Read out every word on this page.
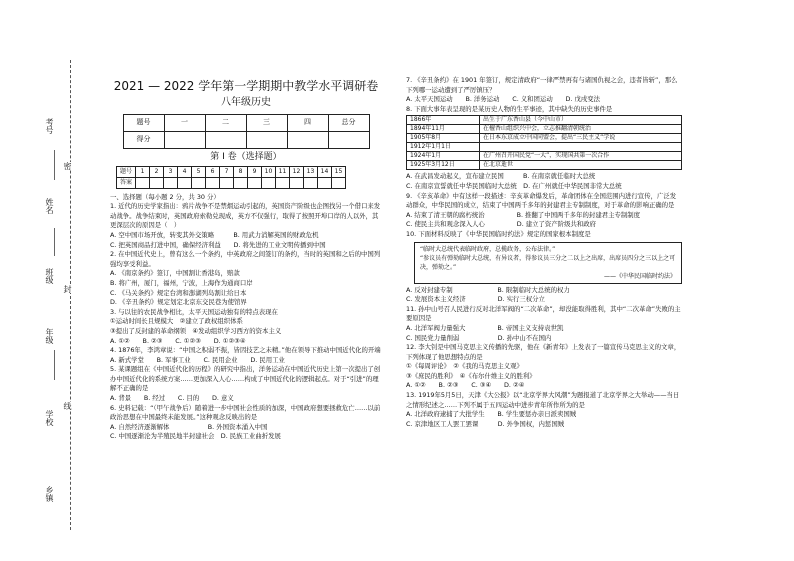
考号
姓名
班级
年级
学校
乡镇
密
封
线
2021 — 2022 学年第一学期期中教学水平调研卷
八年级历史
题号	一	二	三	四	总分
得分					
第 I 卷（选择题）
题号	1	2	3	4	5	6	7	8	9	10	11	12	13	14	15
答案															

一、选择题（每小题 2 分，共 30 分）

1. 近代的历史学家指出：鸦片战争不是禁烟运动引起的，英国资产阶级也企图找另一个借口来发动战争。战争结束时，英国政府索勒兑现成，英方不仅强行，取得了按照开埠口岸的人以外，其更深层次的原因是（　）

A. 空中国市场开放，转变其外交策略　　　B. 用武力消解英国的财政危机

C. 把英国商品打进中国，确保经济利益　　D. 将先进的工业文明传播到中国

2. 在中国近代史上，曾有这么一个条约，中英政府之间签订的条约，当时的英国和之后的中国列强均享受利益。

A. 《南京条约》签订，中国割让香港岛，赔款

B. 将广州，厦门，福州，宁波，上海作为通商口岸

C. 《马关条约》规定台湾和澎湖列岛割让给日本

D. 《辛丑条约》规定划定北京东交民巷为使馆界

3. 与以往的农民战争相比，太平天国运动独有的特点表现在

①运动时间长且规模大　②建立了政权组织体系

③提出了反封建的革命纲领　④发动组织学习西方的资本主义

A. ①②　　B. ②③　　C. ①②③　　D. ①②③④

4. 1876年，李鸿章说：“中国之积弱不振，皆因技艺之未精。”他在领导下推动中国近代化的开端

A. 新式学堂　　B. 军事工业　　C. 民用企业　　D. 民用工业

5. 某课题组在《中国近代化的历程》的研究中指出，洋务运动在中国近代历史上第一次提出了创办中国近代化的系统方案……更加深入人心……构成了中国近代化的逻辑起点。对于“引进”的理解不正确的是

A. 背景　　B. 经过　　C. 目的　　D. 意义

6. 史料记载：“（甲午战争后）随着进一步中国社会性质的加深，中国政府想要拯救危亡……以前政治思想在中国最终未能发展。”这种观念反映出的是

A. 自然经济逐渐解体　　　　　　B. 外国资本涌入中国

C. 中国逐渐沦为半殖民地半封建社会　D. 民族工业曲折发展

7. 《辛丑条约》在 1901 年签订，规定清政府“一律严禁再有与诸国仇视之会，违者皆斩”，那么下列哪一运动遭到了严厉镇压？

A. 太平天国运动　　B. 洋务运动　　C. 义和团运动　　D. 戊戌变法

8. 下面大事年表呈现的是某历史人物的生平事迹，其中缺失的历史事件是

1866年	出生于广东香山县（今中山市）
1894年11月	在檀香山组织兴中会，立志推翻清朝统治
1905年8月	在日本东京成立中国同盟会，提出“三民主义”学说
1912年1月1日	
1924年1月	在广州召开国民党“一大”，实现国共第一次合作
1925年3月12日	在北京逝世

A. 在武昌发动起义，宣布建立民国　　　B. 在南京就任临时大总统

C. 在南京宣誓就任中华民国临时大总统　D. 在广州就任中华民国非常大总统

9. 《辛亥革命》中有这样一段描述：辛亥革命爆发后，革命团体在全国范围内进行宣传，广泛发动群众，中华民国的成立，结束了中国两千多年的封建君主专制制度，对于革命的影响正确的是

A. 结束了清王朝的腐朽统治　　　　　B. 推翻了中国两千多年的封建君主专制制度

C. 使民主共和观念深入人心　　　　　D. 建立了资产阶级共和政府

10. 下面材料反映了《中华民国临时约法》规定的国家根本制度是

“临时大总统代表临时政府，总揽政务，公布法律。”

“参议员有弹劾临时大总统，有异议者，得参议员三分之二以上之出席，出席员四分之三以上之可决，弹劾之。”

——《中华民国临时约法》

A. 反对封建专制　　　　　　　B. 限制临时大总统的权力

C. 发展资本主义经济　　　　　D. 实行三权分立

11. 孙中山号召人民进行反对北洋军阀的“二次革命”，却没能取得胜利，其中“二次革命”失败的主要原因是

A. 北洋军阀力量强大　　　　　B. 帝国主义支持袁世凯

C. 国民党力量削弱　　　　　　D. 孙中山不在国内

12. 李大钊是中国马克思主义传播的先驱，他在《新青年》上发表了一篇宣传马克思主义的文章，下列体现了他思想特点的是

①《每周评论》　②《我的马克思主义观》

③《庶民的胜利》　④《布尔什维主义的胜利》

A. ①②　　B. ②③　　C. ③④　　D. ②④

13. 1919年5月5日，天津《大公报》以“北京学界大风潮”为题报道了北京学界之大举动——当日之情形纪述之……下列不属于五四运动中进步青年所作所为的是

A. 北洋政府逮捕了大批学生　　B. 学生要惩办亲日派卖国贼

C. 京津地区工人罢工罢课　　　D. 外争国权，内惩国贼
